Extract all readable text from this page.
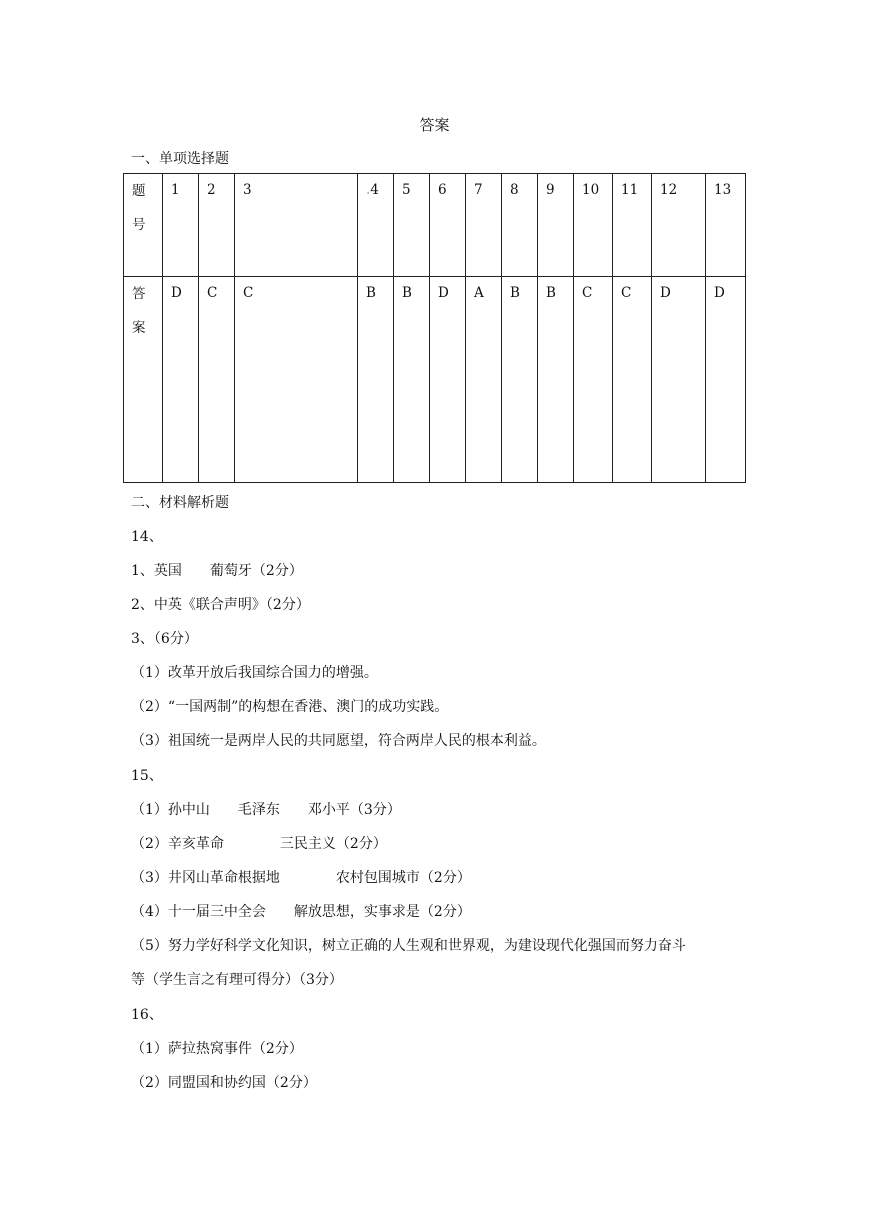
答案
一、单项选择题
题
号	1	2	3	.4	5	6	7	8	9	10	11	12	13

答
案	D	C	C	B	B	D	A	B	B	C	C	D	D
二、材料解析题
14、
1、英国　　葡萄牙（2分）
2、中英《联合声明》（2分）
3、（6分）
（1）改革开放后我国综合国力的增强。
（2）“一国两制”的构想在香港、澳门的成功实践。
（3）祖国统一是两岸人民的共同愿望，符合两岸人民的根本利益。
15、
（1）孙中山　　毛泽东　　邓小平（3分）
（2）辛亥革命　　　　三民主义（2分）
（3）井冈山革命根据地　　　　农村包围城市（2分）
（4）十一届三中全会　　解放思想，实事求是（2分）
（5）努力学好科学文化知识，树立正确的人生观和世界观，为建设现代化强国而努力奋斗
等（学生言之有理可得分）（3分）
16、
（1）萨拉热窝事件（2分）
（2）同盟国和协约国（2分）
